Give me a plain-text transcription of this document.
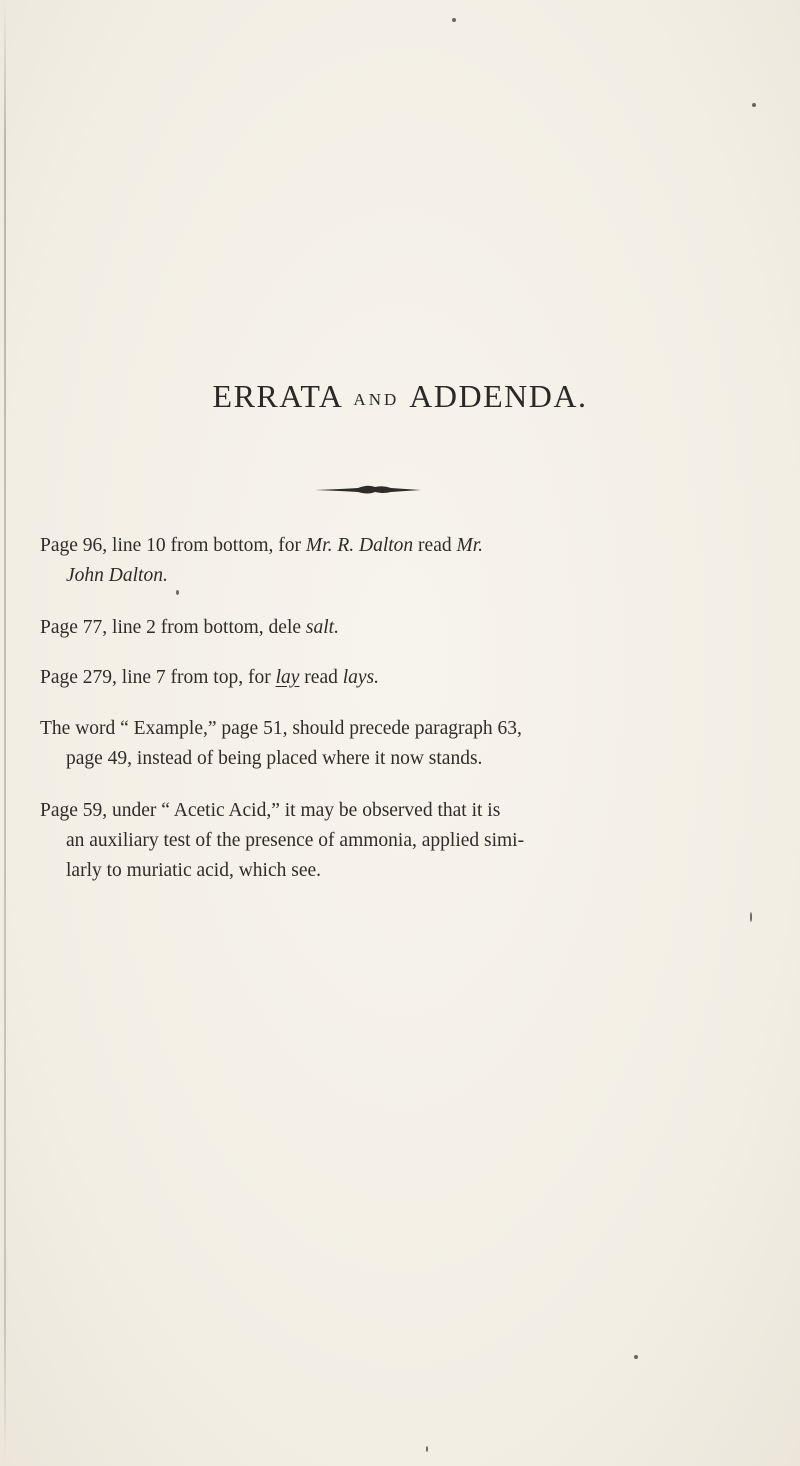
ERRATA AND ADDENDA.
Page 96, line 10 from bottom, for Mr. R. Dalton read Mr.
John Dalton.
Page 77, line 2 from bottom, dele salt.
Page 279, line 7 from top, for lay read lays.
The word “ Example,” page 51, should precede paragraph 63,
page 49, instead of being placed where it now stands.
Page 59, under “ Acetic Acid,” it may be observed that it is
an auxiliary test of the presence of ammonia, applied simi-
larly to muriatic acid, which see.
